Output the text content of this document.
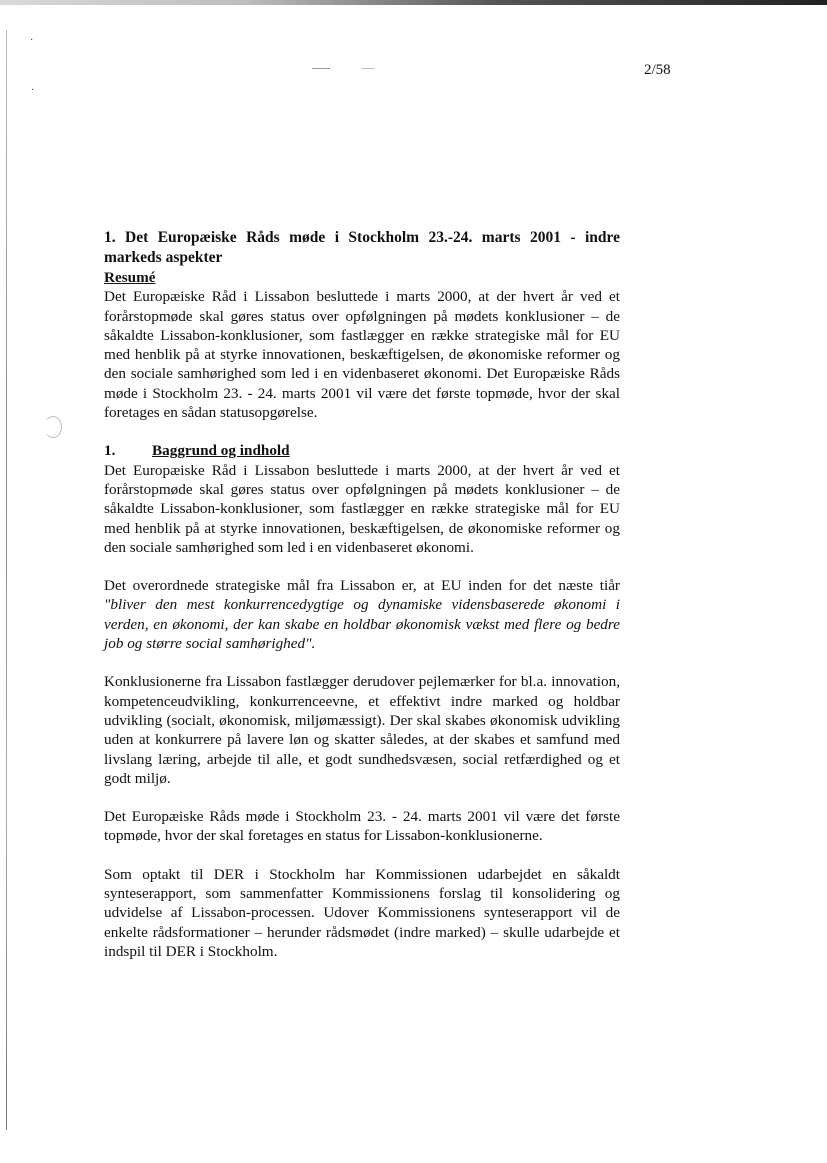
·
·
2/58

1. Det Europæiske Råds møde i Stockholm 23.-24. marts 2001 - indre markeds aspekter

Resumé

Det Europæiske Råd i Lissabon besluttede i marts 2000, at der hvert år ved et forårstopmøde skal gøres status over opfølgningen på mødets konklusioner – de såkaldte Lissabon-konklusioner, som fastlægger en række strategiske mål for EU med henblik på at styrke innovationen, beskæftigelsen, de økonomiske reformer og den sociale samhørighed som led i en videnbaseret økonomi. Det Europæiske Råds møde i Stockholm 23. - 24. marts 2001 vil være det første topmøde, hvor der skal foretages en sådan statusopgørelse.

1.	Baggrund og indhold

Det Europæiske Råd i Lissabon besluttede i marts 2000, at der hvert år ved et forårstopmøde skal gøres status over opfølgningen på mødets konklusioner – de såkaldte Lissabon-konklusioner, som fastlægger en række strategiske mål for EU med henblik på at styrke innovationen, beskæftigelsen, de økonomiske reformer og den sociale samhørighed som led i en videnbaseret økonomi.

Det overordnede strategiske mål fra Lissabon er, at EU inden for det næste tiår "bliver den mest konkurrencedygtige og dynamiske vidensbaserede økonomi i verden, en økonomi, der kan skabe en holdbar økonomisk vækst med flere og bedre job og større social samhørighed".

Konklusionerne fra Lissabon fastlægger derudover pejlemærker for bl.a. innovation, kompetenceudvikling, konkurrenceevne, et effektivt indre marked og holdbar udvikling (socialt, økonomisk, miljømæssigt). Der skal skabes økonomisk udvikling uden at konkurrere på lavere løn og skatter således, at der skabes et samfund med livslang læring, arbejde til alle, et godt sundhedsvæsen, social retfærdighed og et godt miljø.

Det Europæiske Råds møde i Stockholm 23. - 24. marts 2001 vil være det første topmøde, hvor der skal foretages en status for Lissabon-konklusionerne.

Som optakt til DER i Stockholm har Kommissionen udarbejdet en såkaldt synteserapport, som sammenfatter Kommissionens forslag til konsolidering og udvidelse af Lissabon-processen. Udover Kommissionens synteserapport vil de enkelte rådsformationer – herunder rådsmødet (indre marked) – skulle udarbejde et indspil til DER i Stockholm.
